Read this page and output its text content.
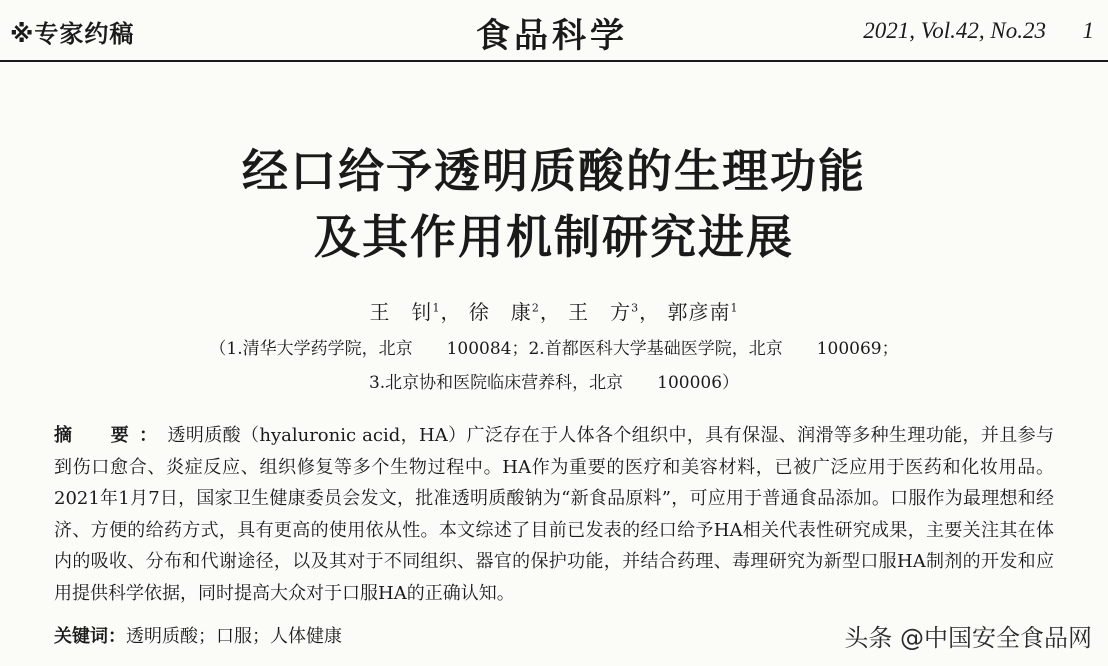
※专家约稿	食品科学	2021, Vol.42, No.23 1
经口给予透明质酸的生理功能
及其作用机制研究进展
王　钊$^1$， 徐　康$^2$， 王　方$^3$， 郭彦南$^1$
（1.清华大学药学院，北京　　100084；2.首都医科大学基础医学院，北京　　100069；
3.北京协和医院临床营养科，北京　　100006）
摘　要：透明质酸（hyaluronic acid，HA）广泛存在于人体各个组织中，具有保湿、润滑等多种生理功能，并且参与到伤口愈合、炎症反应、组织修复等多个生物过程中。HA作为重要的医疗和美容材料，已被广泛应用于医药和化妆用品。2021年1月7日，国家卫生健康委员会发文，批准透明质酸钠为“新食品原料”，可应用于普通食品添加。口服作为最理想和经济、方便的给药方式，具有更高的使用依从性。本文综述了目前已发表的经口给予HA相关代表性研究成果，主要关注其在体内的吸收、分布和代谢途径，以及其对于不同组织、器官的保护功能，并结合药理、毒理研究为新型口服HA制剂的开发和应用提供科学依据，同时提高大众对于口服HA的正确认知。
关键词：透明质酸；口服；人体健康	头条 @中国安全食品网
